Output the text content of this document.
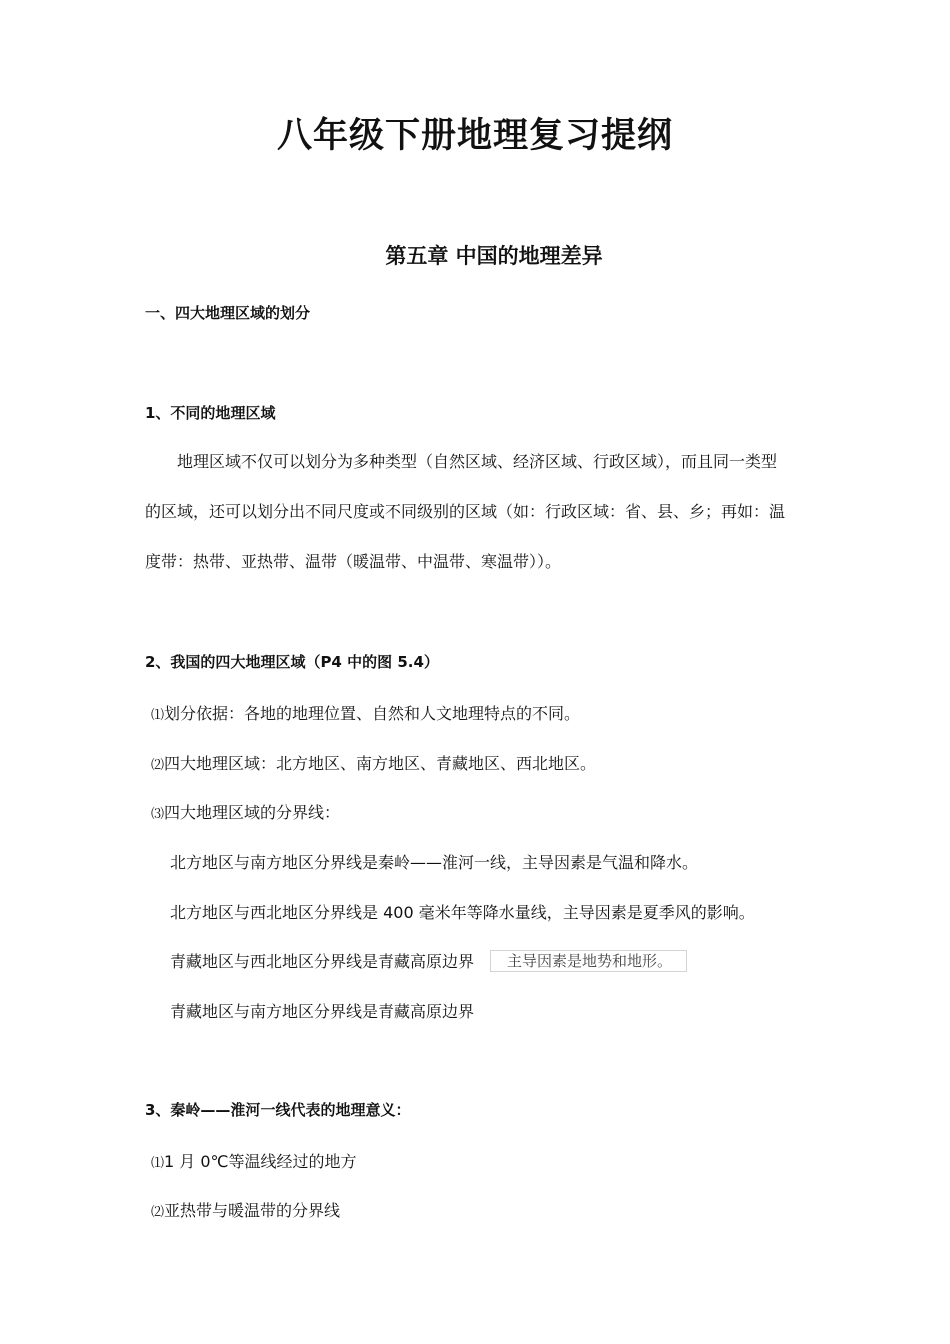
八年级下册地理复习提纲
第五章 中国的地理差异
一、四大地理区域的划分
1、不同的地理区域
　　地理区域不仅可以划分为多种类型（自然区域、经济区域、行政区域），而且同一类型
的区域，还可以划分出不同尺度或不同级别的区域（如：行政区域：省、县、乡；再如：温
度带：热带、亚热带、温带（暖温带、中温带、寒温带））。
2、我国的四大地理区域（P4 中的图 5.4）
⑴划分依据：各地的地理位置、自然和人文地理特点的不同。
⑵四大地理区域：北方地区、南方地区、青藏地区、西北地区。
⑶四大地理区域的分界线：
北方地区与南方地区分界线是秦岭——淮河一线，主导因素是气温和降水。
北方地区与西北地区分界线是 400 毫米年等降水量线，主导因素是夏季风的影响。
青藏地区与西北地区分界线是青藏高原边界	主导因素是地势和地形。
青藏地区与南方地区分界线是青藏高原边界
3、秦岭——淮河一线代表的地理意义：
⑴1 月 0℃等温线经过的地方
⑵亚热带与暖温带的分界线
